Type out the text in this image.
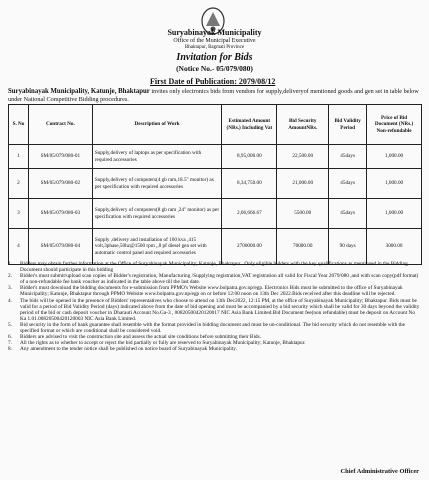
Suryabinayak Municipality
Office of the Municipal Executive
Bhaktapur, Bagmati Province
Invitation for Bids
(Notice No.- 05/079/080)
First Date of Publication: 2079/08/12
Suryabinayak Municipality, Katunje, Bhaktapur invites only electronics bids from vendors for supply,deliveryof mentioned goods and gen set in table below under National Competitive Bidding procedures.
S. No	Contract No.	Description of Work	Estimated Amount (NRs.) Including Vat	Bid Security AmountNRs.	Bid Validity Period	Price of Bid Document (NRs.) Non-refundable
1	SM/05/079/080-01	Supply,delivery of laptops as per specification with required accessories	8,95,000.00	22,500.00	45days	1,000.00
2	SM/05/079/080-02	Supply,delivery of computers(4 gb ram,18.5" monitor) as per specification with required accessories	8,34,750.00	21,000.00	45days	1,000.00
3	SM/05/079/080-03	Supply,delivery of computers(8 gb ram ,24" monitor) as per specification with required accessories	2,06,666.67	5500.00	45days	1,000.00
4	SM/05/079/080-04	Supply ,delivery and installation of 160 kva ,415 volt,3phase,50hz@1500 rpm ,,8 pf diesel gen set with automatic control panel and required accessories	2700000.00	70000.00	90 days	3000.00
1.	Bidders may obtain further information at the Office of Suryabinayak Municipality; Katunje, Bhaktapur . Only eligible bidders with the key qualifications as mentioned in the Bidding Document should participate in this bidding
2.	Bidder's must submit/upload scan copies of Bidder's registration, Manufacturing /Supplying registration,VAT registration all valid for Fiscal Year 2079/080 ,and with scan copy(pdf format) of a non-refundable fee bank voucher as indicated in the table above till the last date.
3.	Bidder's must download the bidding documents for e-submission from PPMO's Website www.bolpatra.gov.np/egp. Electronics Bids must be submitted to the office of Suryabinayak Municipality; Katunje, Bhaktapur through PPMO Website www.bolpatra.gov.np/egp on or before 12:00 noon on 13th Dec 2022.Bids received after this deadline will be rejected.
4.	The bids will be opened in the presence of Bidders' representatives who choose to attend on 13th Dec2022, 12:15 PM, at the office of Suryabinayak Municipality; Bhaktapur. Bids must be valid for a period of Bid Validity Period (days) indicated above from the date of bid opening and must be accompanied by a bid security which shall be valid for 30 days beyond the validity period of the bid or cash deposit voucher in Dharauti Account No.Ga-3 , 00820500420120017 NIC Asia Bank Limited.Bid Document fee(non refundable) must be deposit on Account No Ka 1.01.00820500420120003 NIC Asia Bank Limited.
5.	Bid security in the form of bank guarantee shall resemble with the format provided in bidding document and must be un-conditional. The bid security which do not resemble with the specified format or which are conditional shall be considered void.
6.	Bidders are advised to visit the construction site and assess the actual site conditions before submitting their Bids.
7.	All the rights as to whether to accept or reject the bid partially or fully are reserved to Suryabinayak Municipality; Katunje, Bhaktapur.
8.	Any amendment to the tender notice shall be published on notice board of Suryabinayak Municipality.
Chief Administrative Officer
